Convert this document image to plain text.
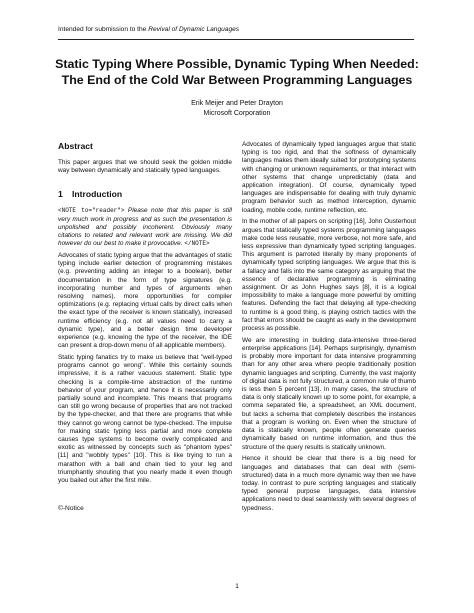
Intended for submission to the Revival of Dynamic Languages
Static Typing Where Possible, Dynamic Typing When Needed:
The End of the Cold War Between Programming Languages
Erik Meijer and Peter Drayton
Microsoft Corporation
Abstract

This paper argues that we should seek the golden middle way between dynamically and statically typed languages.

1 Introduction

<NOTE to="reader"> Please note that this paper is still very much work in progress and as such the presentation is unpolished and possibly incoherent. Obviously many citations to related and relevant work are missing. We did however do our best to make it provocative. </NOTE>

Advocates of static typing argue that the advantages of static typing include earlier detection of programming mistakes (e.g. preventing adding an integer to a boolean), better documentation in the form of type signatures (e.g. incorporating number and types of arguments when resolving names), more opportunities for compiler optimizations (e.g. replacing virtual calls by direct calls when the exact type of the receiver is known statically), increased runtime efficiency (e.g. not all values need to carry a dynamic type), and a better design time developer experience (e.g. knowing the type of the receiver, the IDE can present a drop-down menu of all applicable members).

Static typing fanatics try to make us believe that "well-typed programs cannot go wrong". While this certainly sounds impressive, it is a rather vacuous statement. Static type checking is a compile-time abstraction of the runtime behavior of your program, and hence it is necessarily only partially sound and incomplete. This means that programs can still go wrong because of properties that are not tracked by the type-checker, and that there are programs that while they cannot go wrong cannot be type-checked. The impulse for making static typing less partial and more complete causes type systems to become overly complicated and exotic as witnessed by concepts such as "phantom types" [11] and "wobbly types" [10]. This is like trying to run a marathon with a ball and chain tied to your leg and triumphantly shouting that you nearly made it even though you bailed out after the first mile.

©-Notice

Advocates of dynamically typed languages argue that static typing is too rigid, and that the softness of dynamically languages makes them ideally suited for prototyping systems with changing or unknown requirements, or that interact with other systems that change unpredictably (data and application integration). Of course, dynamically typed languages are indispensable for dealing with truly dynamic program behavior such as method interception, dynamic loading, mobile code, runtime reflection, etc.

In the mother of all papers on scripting [16], John Ousterhout argues that statically typed systems programming languages make code less reusable, more verbose, not more safe, and less expressive than dynamically typed scripting languages. This argument is parroted literally by many proponents of dynamically typed scripting languages. We argue that this is a fallacy and falls into the same category as arguing that the essence of declarative programming is eliminating assignment. Or as John Hughes says [8], it is a logical impossibility to make a language more powerful by omitting features. Defending the fact that delaying all type-checking to runtime is a good thing, is playing ostrich tactics with the fact that errors should be caught as early in the development process as possible.

We are interesting in building data-intensive three-tiered enterprise applications [14]. Perhaps surprisingly, dynamism is probably more important for data intensive programming than for any other area where people traditionally position dynamic languages and scripting. Currently, the vast majority of digital data is not fully structured, a common rule of thumb is less then 5 percent [13]. In many cases, the structure of data is only statically known up to some point, for example, a comma separated file, a spreadsheet, an XML document, but lacks a schema that completely describes the instances that a program is working on. Even when the structure of data is statically known, people often generate queries dynamically based on runtime information, and thus the structure of the query results is statically unknown.

Hence it should be clear that there is a big need for languages and databases that can deal with (semi-structured) data in a much more dynamic way then we have today. In contrast to pure scripting languages and statically typed general purpose languages, data intensive applications need to deal seamlessly with several degrees of typedness.

1
